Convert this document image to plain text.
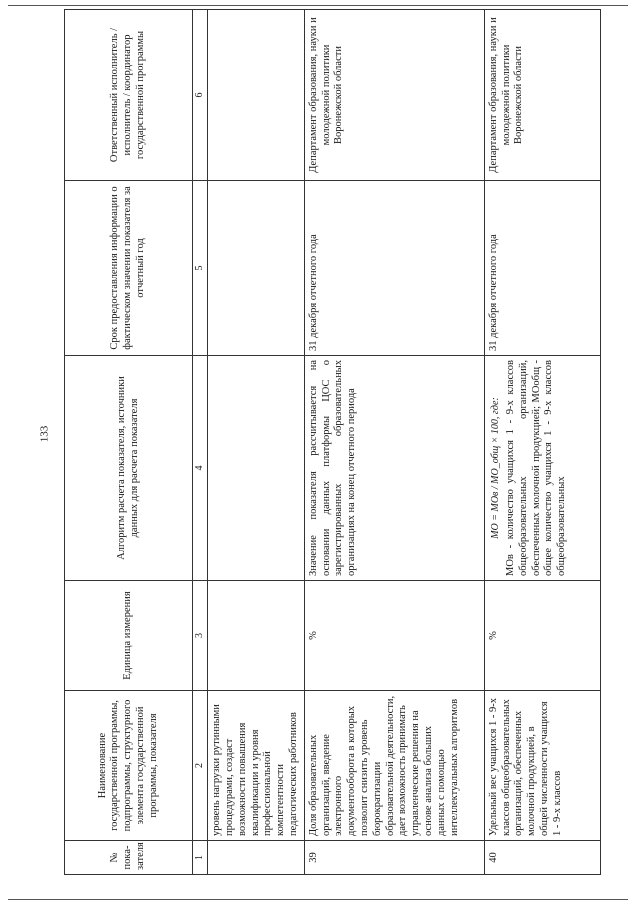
133
№ пока-зателя	Наименование государственной программы, подпрограммы, структурного элемента государственной программы, показателя	Единица измерения	Алгоритм расчета показателя, источники данных для расчета показателя	Срок предоставления информации о фактическом значении показателя за отчетный год	Ответственный исполнитель / исполнитель / координатор государственной программы
1	2	3	4	5	6
	уровень нагрузки рутинными процедурами, создаст возможности повышения квалификации и уровня профессиональной компетентности педагогических работников				
39	Доля образовательных организаций, введение электронного документооборота в которых позволит снизить уровень бюрократизации образовательной деятельности, дает возможность принимать управленческие решения на основе анализа больших данных с помощью интеллектуальных алгоритмов	%	Значение показателя рассчитывается на основании данных платформы ЦОС о зарегистрированных образовательных организациях на конец отчетного периода	31 декабря отчетного года	Департамент образования, науки и молодежной политики Воронежской области
40	Удельный вес учащихся 1 - 9-х классов общеобразовательных организаций, обеспеченных молочной продукцией, в общей численности учащихся 1 - 9-х классов	%	МО = МОв / МО_общ × 100, где: МОв - количество учащихся 1 - 9-х классов общеобразовательных организаций, обеспеченных молочной продукцией; МОобщ - общее количество учащихся 1 - 9-х классов общеобразовательных	31 декабря отчетного года	Департамент образования, науки и молодежной политики Воронежской области
